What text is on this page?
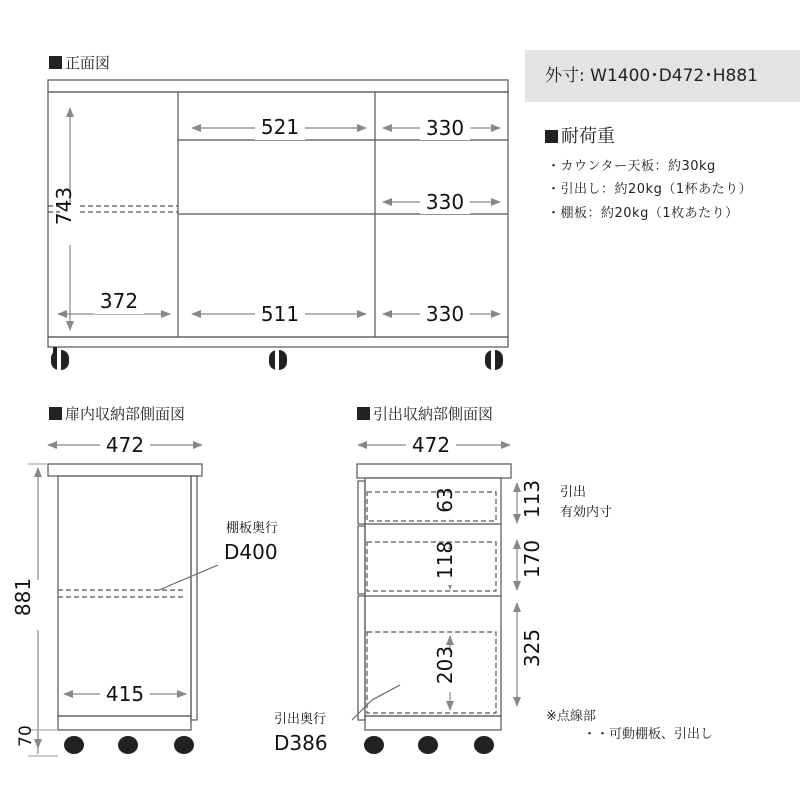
正面図
扉内収納部側面図	引出収納部側面図
外寸: W1400･D472･H881
耐荷重
・カウンター天板：約30kg
・引出し：約20kg（1杯あたり）
・棚板：約20kg（1枚あたり）
※点線部
・・可動棚板、引出し
743
372
521
511
330
330
330
472
881
70
415
棚板奥行
D400
472
63
118
203
113
170
325
引出
有効内寸
引出奥行
D386
